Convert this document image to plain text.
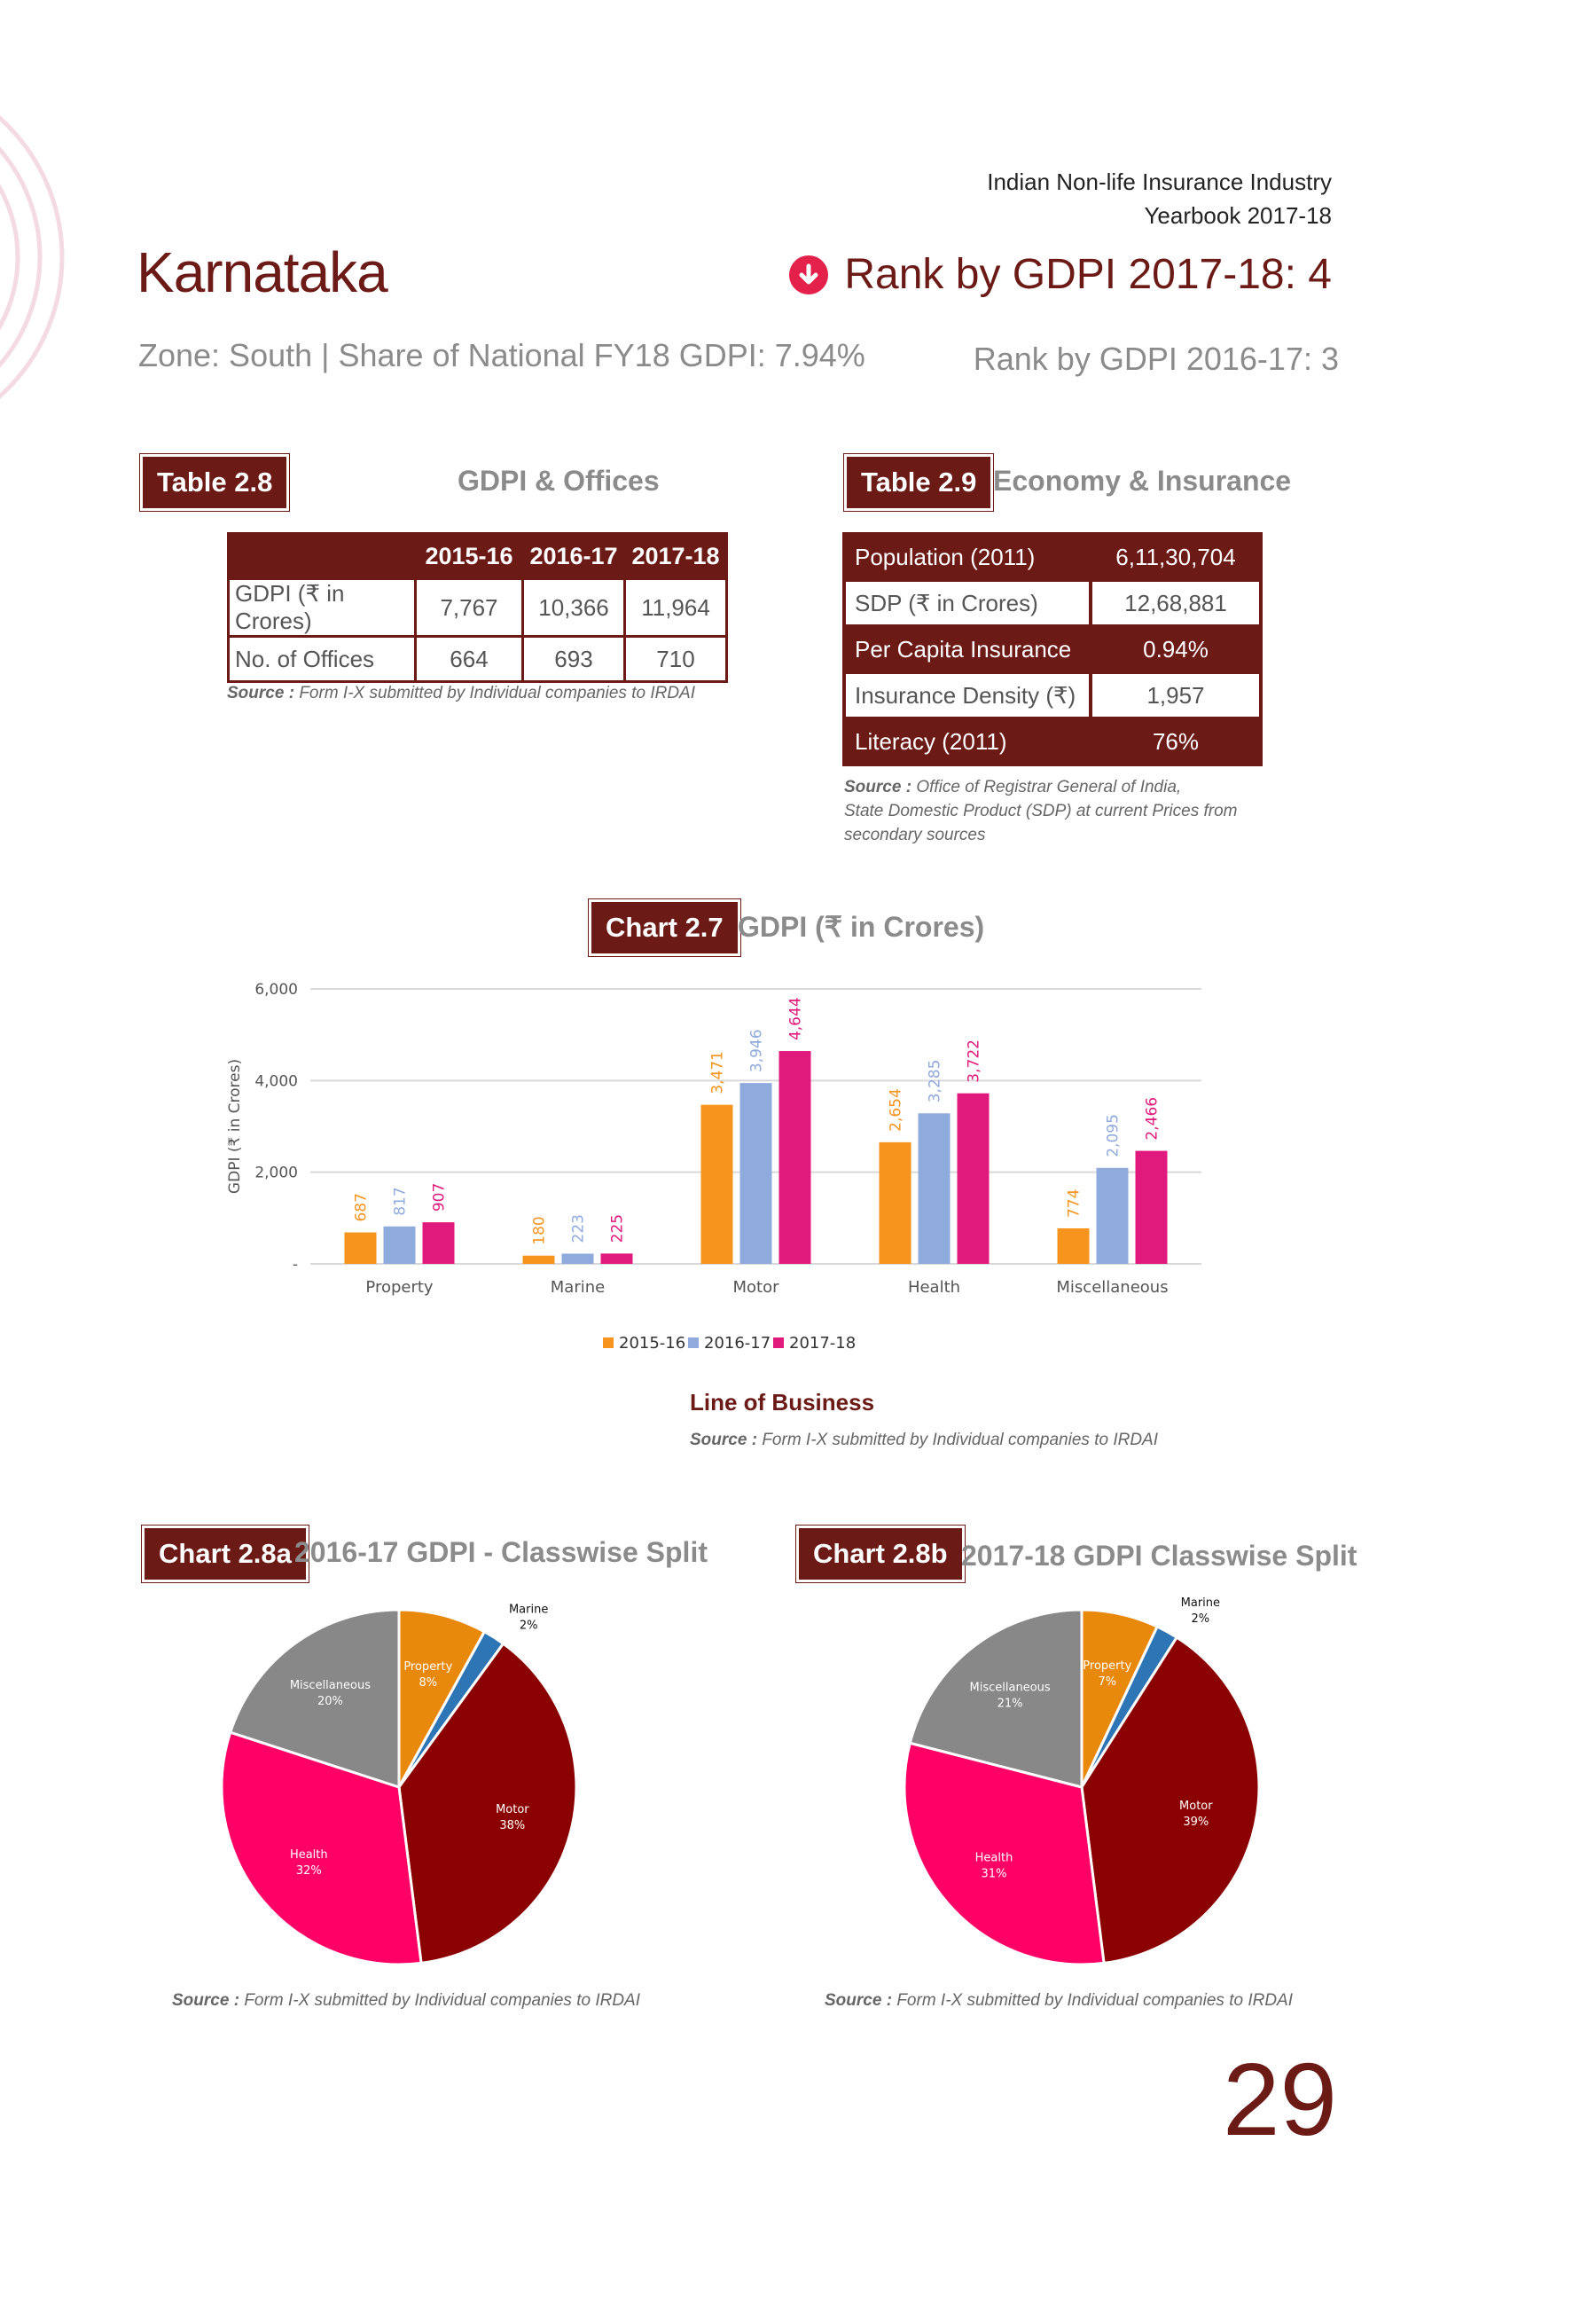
Indian Non-life Insurance Industry
Yearbook 2017-18
Karnataka	Rank by GDPI 2017-18: 4
Zone: South | Share of National FY18 GDPI: 7.94%	Rank by GDPI 2016-17: 3
Table 2.8	GDPI & Offices
	2015-16	2016-17	2017-18
GDPI (₹ in Crores)	7,767	10,366	11,964
No. of Offices	664	693	710
Source : Form I-X submitted by Individual companies to IRDAI
Table 2.9 Economy & Insurance
Population (2011)	6,11,30,704
SDP (₹ in Crores)	12,68,881
Per Capita Insurance	0.94%
Insurance Density (₹)	1,957
Literacy (2011)	76%
Source : Office of Registrar General of India,
State Domestic Product (SDP) at current Prices from
secondary sources
Chart 2.7 GDPI (₹ in Crores)
-
2,000
4,000
6,000
GDPI (₹ in Crores)
687 817 907
Property
180 223 225
Marine
3,471
3,946
4,644
Motor
2,654
3,285 3,722
Health
774
2,095 2,466
Miscellaneous
2015-16 2016-17 2017-18
Line of Business
Source : Form I-X submitted by Individual companies to IRDAI
Chart 2.8a 2016-17 GDPI - Classwise Split
Property
8%
Marine
2%
Motor
38%
Health
32%
Miscellaneous
20%
Source : Form I-X submitted by Individual companies to IRDAI
Chart 2.8b 2017-18 GDPI Classwise Split
Property
7%
Marine
2%
Motor
39%
Health
31%
Miscellaneous
21%
Source : Form I-X submitted by Individual companies to IRDAI
29
